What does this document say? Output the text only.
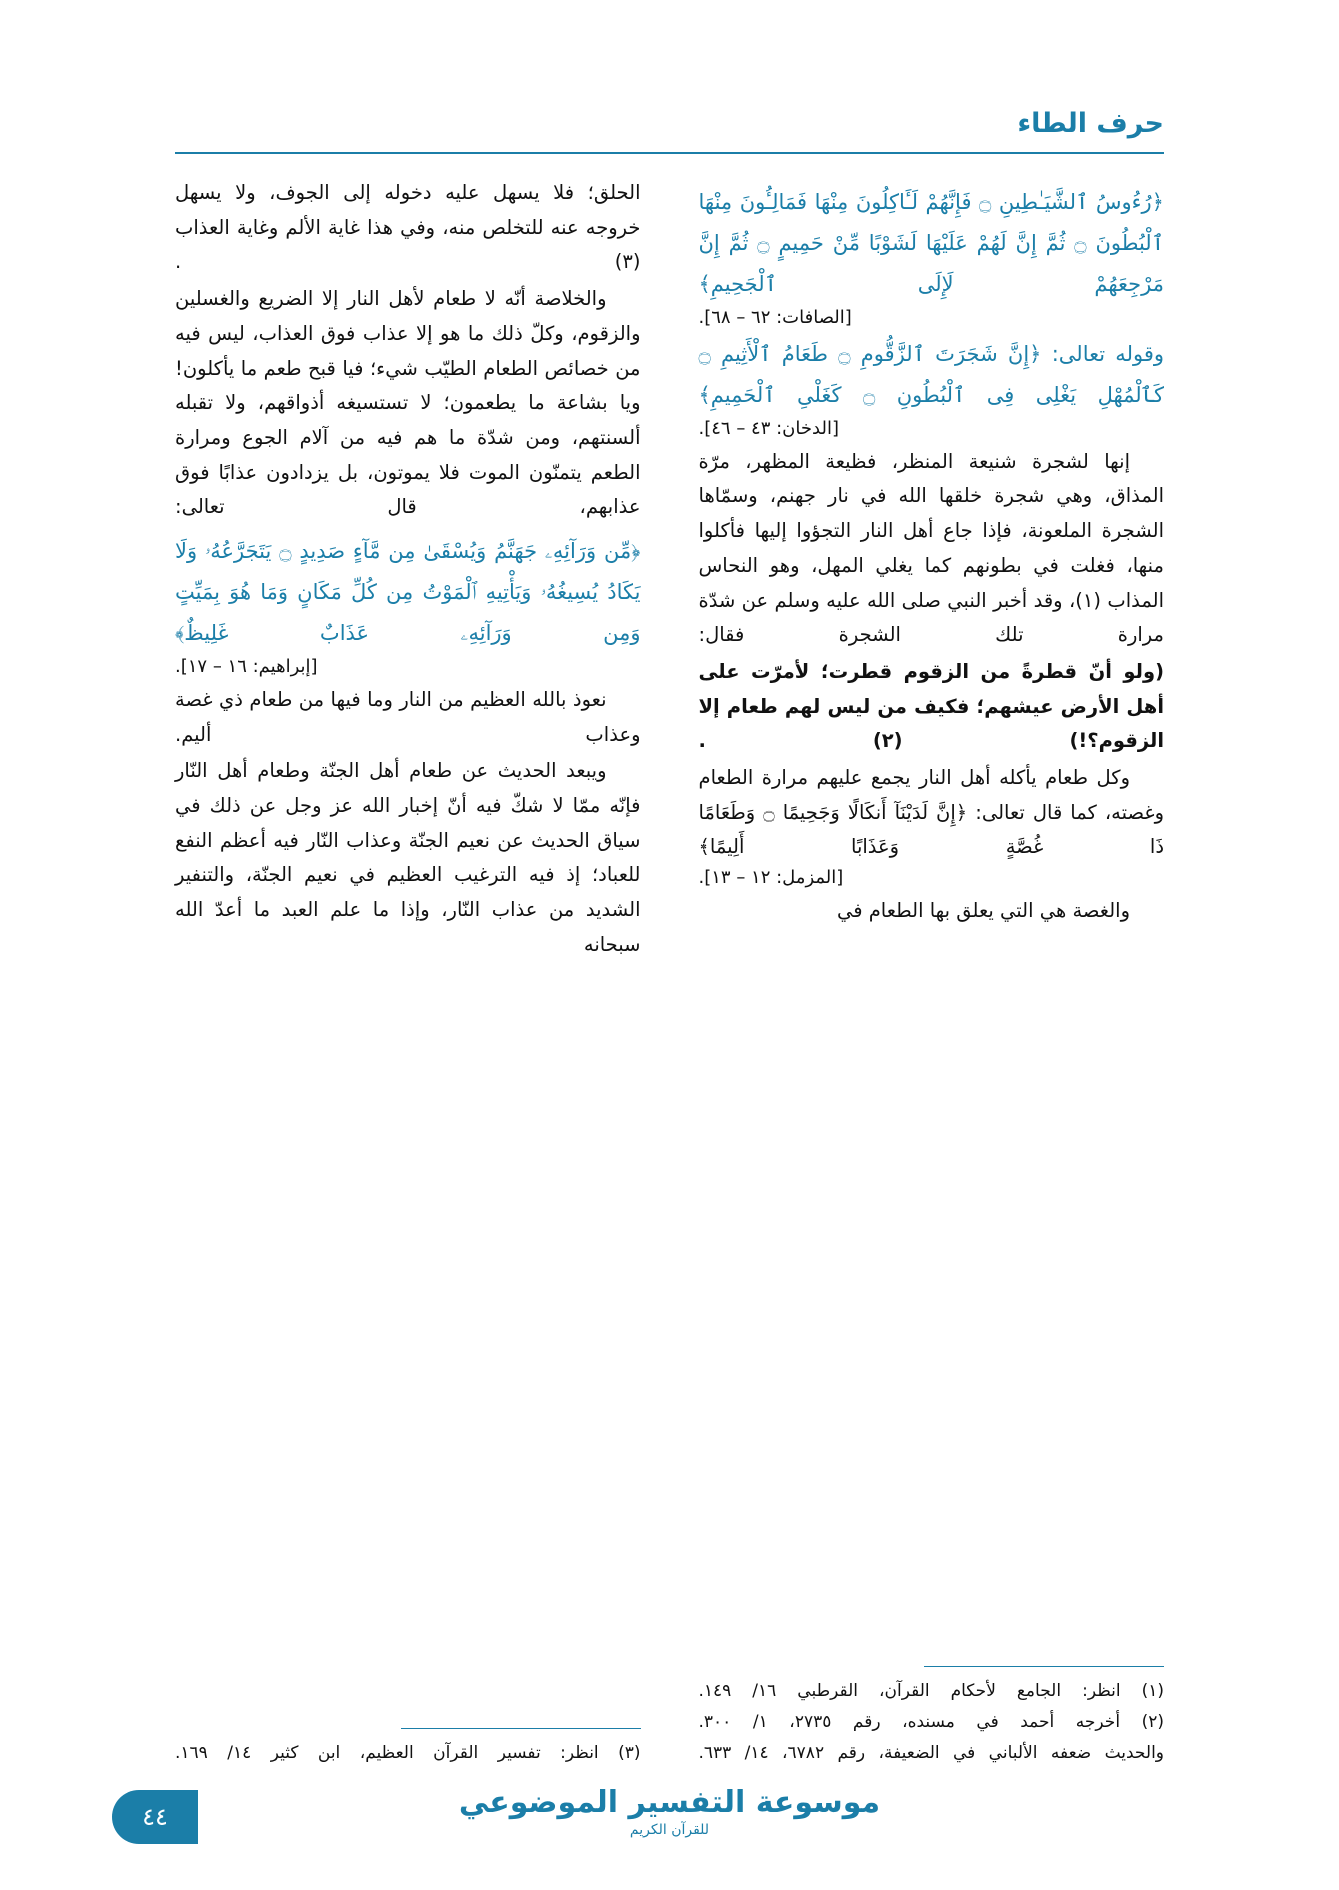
حرف الطاء

﴿رُءُوسُ ٱلشَّيَـٰطِينِ ۝ فَإِنَّهُمْ لَـَٔاكِلُونَ مِنْهَا فَمَالِـُٔونَ مِنْهَا ٱلْبُطُونَ ۝ ثُمَّ إِنَّ لَهُمْ عَلَيْهَا لَشَوْبًا مِّنْ حَمِيمٍ ۝ ثُمَّ إِنَّ مَرْجِعَهُمْ لَإِلَى ٱلْجَحِيمِ﴾

[الصافات: ٦٢ – ٦٨].

وقوله تعالى: ﴿إِنَّ شَجَرَتَ ٱلزَّقُّومِ ۝ طَعَامُ ٱلْأَثِيمِ ۝ كَٱلْمُهْلِ يَغْلِى فِى ٱلْبُطُونِ ۝ كَغَلْىِ ٱلْحَمِيمِ﴾

[الدخان: ٤٣ – ٤٦].

إنها لشجرة شنيعة المنظر، فظيعة المظهر، مرّة المذاق، وهي شجرة خلقها الله في نار جهنم، وسمّاها الشجرة الملعونة، فإذا جاع أهل النار التجؤوا إليها فأكلوا منها، فغلت في بطونهم كما يغلي المهل، وهو النحاس المذاب (١)، وقد أخبر النبي صلى الله عليه وسلم عن شدّة مرارة تلك الشجرة فقال:

(ولو أنّ قطرةً من الزقوم قطرت؛ لأمرّت على أهل الأرض عيشهم؛ فكيف من ليس لهم طعام إلا الزقوم؟!) (٢) .

وكل طعام يأكله أهل النار يجمع عليهم مرارة الطعام وغصته، كما قال تعالى: ﴿إِنَّ لَدَيْنَآ أَنكَالًا وَجَحِيمًا ۝ وَطَعَامًا ذَا غُصَّةٍ وَعَذَابًا أَلِيمًا﴾

[المزمل: ١٢ – ١٣].

والغصة هي التي يعلق بها الطعام في

(١) انظر: الجامع لأحكام القرآن، القرطبي ١٦/ ١٤٩.

(٢) أخرجه أحمد في مسنده، رقم ٢٧٣٥، ١/ ٣٠٠.

والحديث ضعفه الألباني في الضعيفة، رقم ٦٧٨٢، ١٤/ ٦٣٣.

الحلق؛ فلا يسهل عليه دخوله إلى الجوف، ولا يسهل خروجه عنه للتخلص منه، وفي هذا غاية الألم وغاية العذاب (٣) .

والخلاصة أنّه لا طعام لأهل النار إلا الضريع والغسلين والزقوم، وكلّ ذلك ما هو إلا عذاب فوق العذاب، ليس فيه من خصائص الطعام الطيّب شيء؛ فيا قبح طعم ما يأكلون! ويا بشاعة ما يطعمون؛ لا تستسيغه أذواقهم، ولا تقبله ألسنتهم، ومن شدّة ما هم فيه من آلام الجوع ومرارة الطعم يتمنّون الموت فلا يموتون، بل يزدادون عذابًا فوق عذابهم، قال تعالى:

﴿مِّن وَرَآئِهِۦ جَهَنَّمُ وَيُسْقَىٰ مِن مَّآءٍ صَدِيدٍ ۝ يَتَجَرَّعُهُۥ وَلَا يَكَادُ يُسِيغُهُۥ وَيَأْتِيهِ ٱلْمَوْتُ مِن كُلِّ مَكَانٍ وَمَا هُوَ بِمَيِّتٍ وَمِن وَرَآئِهِۦ عَذَابٌ غَلِيظٌ﴾

[إبراهيم: ١٦ – ١٧].

نعوذ بالله العظيم من النار وما فيها من طعام ذي غصة وعذاب أليم.

ويبعد الحديث عن طعام أهل الجنّة وطعام أهل النّار فإنّه ممّا لا شكّ فيه أنّ إخبار الله عز وجل عن ذلك في سياق الحديث عن نعيم الجنّة وعذاب النّار فيه أعظم النفع للعباد؛ إذ فيه الترغيب العظيم في نعيم الجنّة، والتنفير الشديد من عذاب النّار، وإذا ما علم العبد ما أعدّ الله سبحانه

(٣) انظر: تفسير القرآن العظيم، ابن كثير ١٤/ ١٦٩.

موسوعة التفسير الموضوعي
للقرآن الكريم
٤٤
